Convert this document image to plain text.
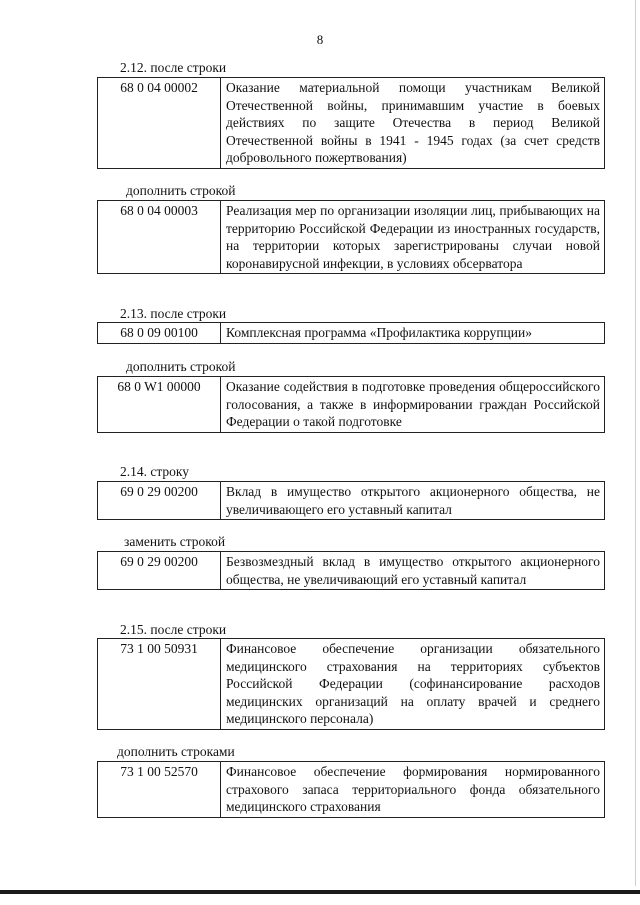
8
2.12. после строки
68 0 04 00002	Оказание материальной помощи участникам Великой Отечественной войны, принимавшим участие в боевых действиях по защите Отечества в период Великой Отечественной войны в 1941 - 1945 годах (за счет средств добровольного пожертвования)
дополнить строкой
68 0 04 00003	Реализация мер по организации изоляции лиц, прибывающих на территорию Российской Федерации из иностранных государств, на территории которых зарегистрированы случаи новой коронавирусной инфекции, в условиях обсерватора
2.13. после строки
68 0 09 00100	Комплексная программа «Профилактика коррупции»
дополнить строкой
68 0 W1 00000	Оказание содействия в подготовке проведения общероссийского голосования, а также в информировании граждан Российской Федерации о такой подготовке
2.14. строку
69 0 29 00200	Вклад в имущество открытого акционерного общества, не увеличивающего его уставный капитал
заменить строкой
69 0 29 00200	Безвозмездный вклад в имущество открытого акционерного общества, не увеличивающий его уставный капитал
2.15. после строки
73 1 00 50931	Финансовое обеспечение организации обязательного медицинского страхования на территориях субъектов Российской Федерации (софинансирование расходов медицинских организаций на оплату врачей и среднего медицинского персонала)
дополнить строками
73 1 00 52570	Финансовое обеспечение формирования нормированного страхового запаса территориального фонда обязательного медицинского страхования
